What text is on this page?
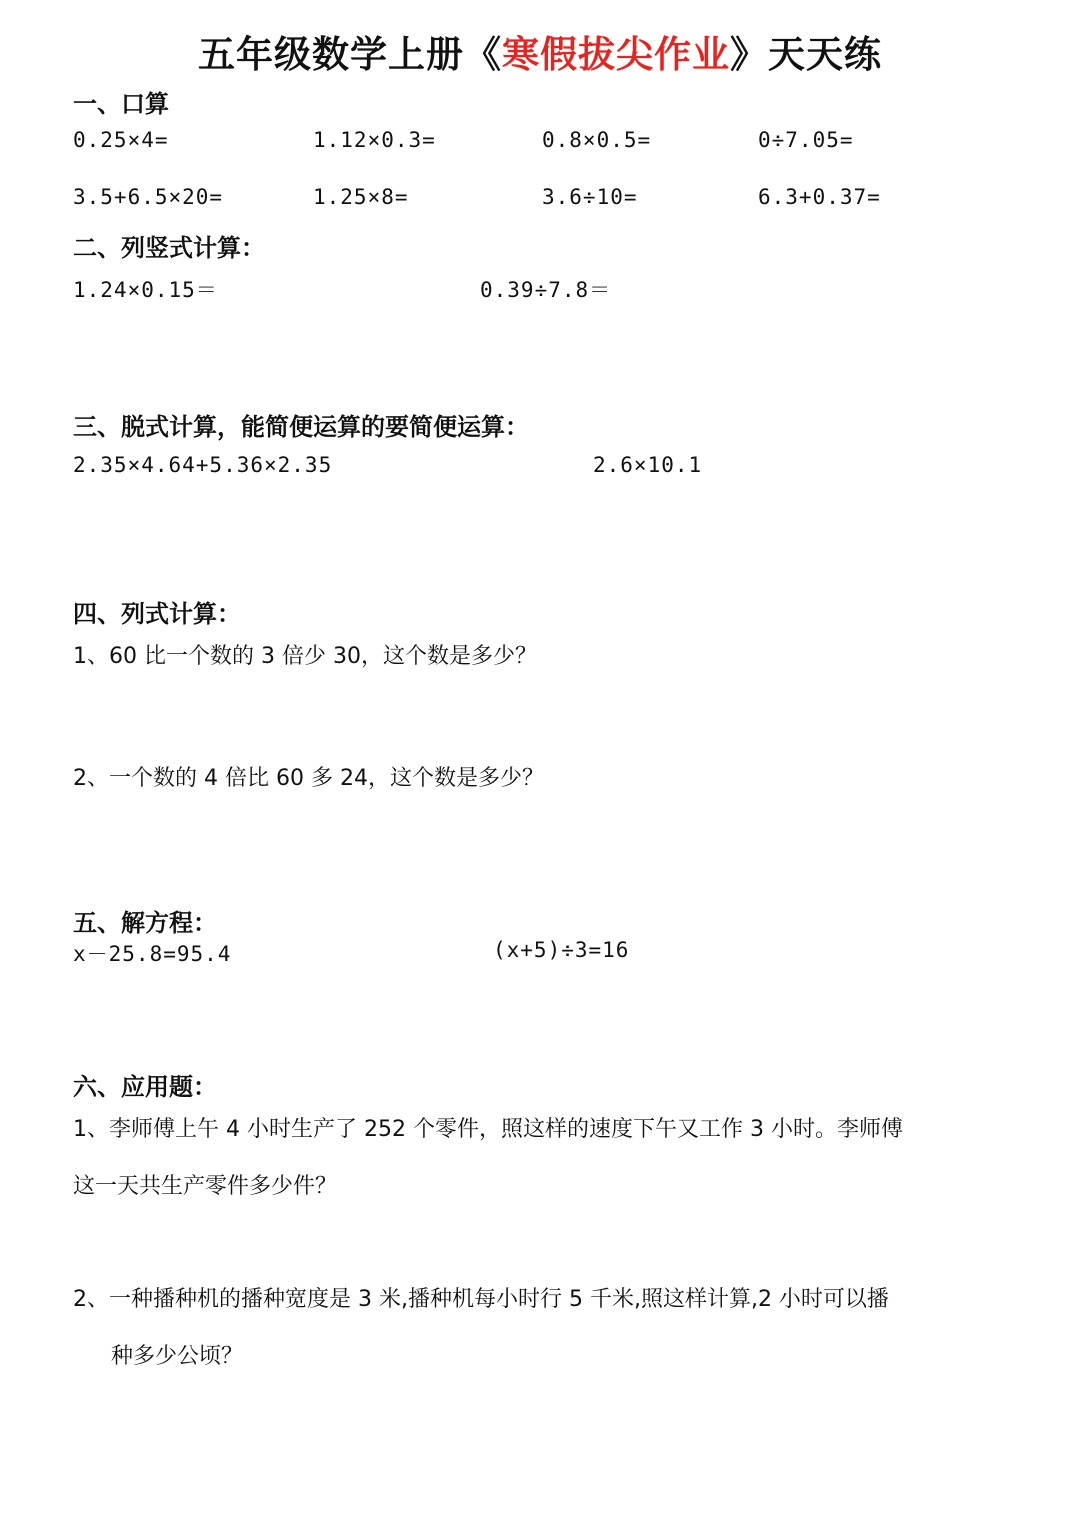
五年级数学上册《寒假拔尖作业》天天练
一、口算
0.25×4=	1.12×0.3=	0.8×0.5=	0÷7.05=
3.5+6.5×20=	1.25×8=	3.6÷10=	6.3+0.37=
二、列竖式计算：
1.24×0.15＝	0.39÷7.8＝
三、脱式计算，能简便运算的要简便运算：
2.35×4.64+5.36×2.35	2.6×10.1
四、列式计算：
1、60 比一个数的 3 倍少 30，这个数是多少？
2、一个数的 4 倍比 60 多 24，这个数是多少？
五、解方程：
x－25.8=95.4	(x+5)÷3=16
六、应用题：
1、李师傅上午 4 小时生产了 252 个零件，照这样的速度下午又工作 3 小时。李师傅
这一天共生产零件多少件？
2、一种播种机的播种宽度是 3 米,播种机每小时行 5 千米,照这样计算,2 小时可以播
种多少公顷？
